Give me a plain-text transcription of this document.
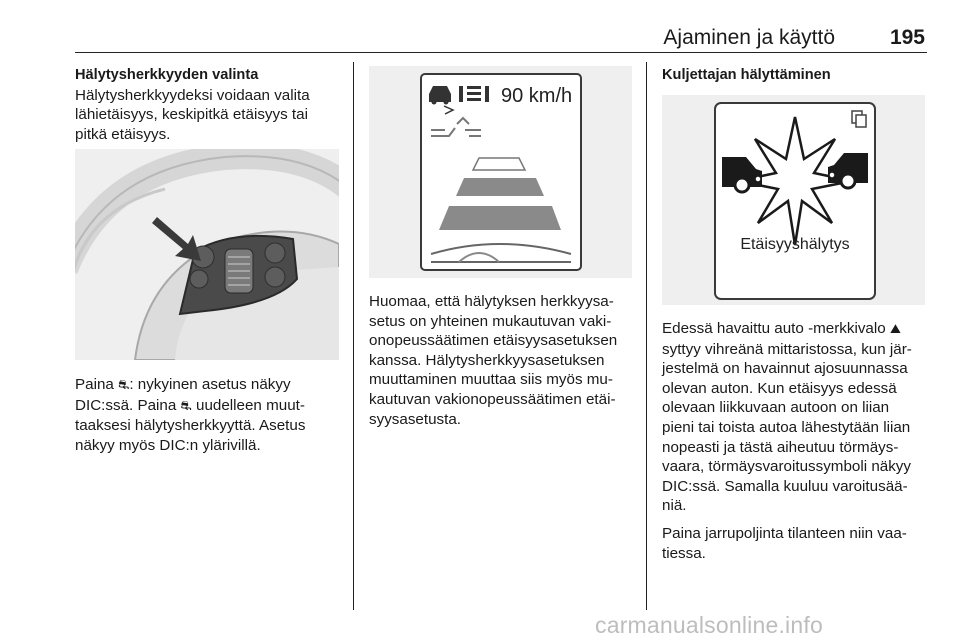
Ajaminen ja käyttö	195

Hälytysherkkyyden valinta

Hälytysherkkyydeksi voidaan valita

lähietäisyys, keskipitkä etäisyys tai

pitkä etäisyys.

Paina ⛐: nykyinen asetus näkyy

DIC:ssä. Paina ⛐ uudelleen muut-

taaksesi hälytysherkkyyttä. Asetus

näkyy myös DIC:n ylärivillä.

90 km/h

Huomaa, että hälytyksen herkkyysa-

setus on yhteinen mukautuvan vaki-

onopeussäätimen etäisyysasetuksen

kanssa. Hälytysherkkyysasetuksen

muuttaminen muuttaa siis myös mu-

kautuvan vakionopeussäätimen etäi-

syysasetusta.

Kuljettajan hälyttäminen

Etäisyyshälytys

Edessä havaittu auto -merkkivalo ⛰

syttyy vihreänä mittaristossa, kun jär-

jestelmä on havainnut ajosuunnassa

olevan auton. Kun etäisyys edessä

olevaan liikkuvaan autoon on liian

pieni tai toista autoa lähestytään liian

nopeasti ja tästä aiheutuu törmäys-

vaara, törmäysvaroitussymboli näkyy

DIC:ssä. Samalla kuuluu varoitusää-

niä.

Paina jarrupoljinta tilanteen niin vaa-

tiessa.

carmanualsonline.info
